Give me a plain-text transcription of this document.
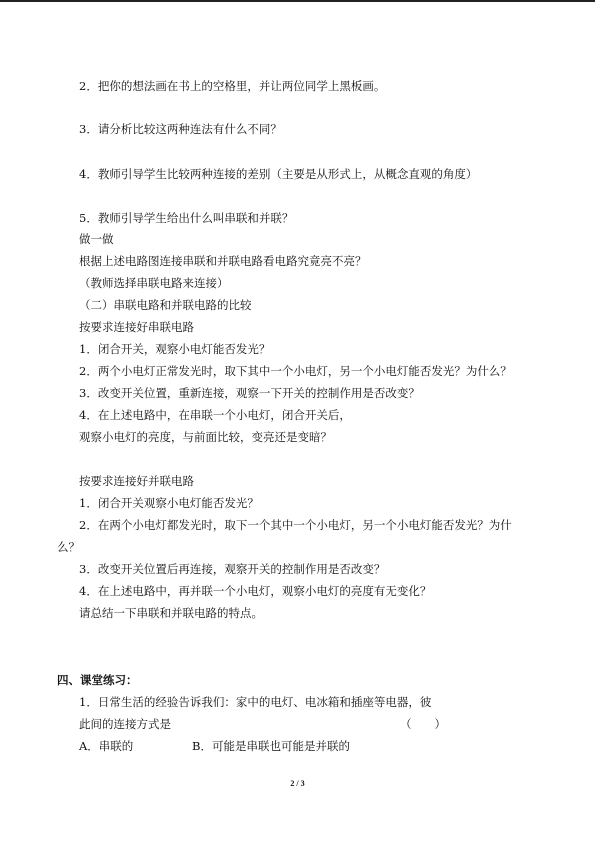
2．把你的想法画在书上的空格里，并让两位同学上黑板画。
3．请分析比较这两种连法有什么不同？
4．教师引导学生比较两种连接的差别（主要是从形式上，从概念直观的角度）
5．教师引导学生给出什么叫串联和并联？
做一做
根据上述电路图连接串联和并联电路看电路究竟亮不亮？
（教师选择串联电路来连接）
（二）串联电路和并联电路的比较
按要求连接好串联电路
1．闭合开关，观察小电灯能否发光？
2．两个小电灯正常发光时，取下其中一个小电灯，另一个小电灯能否发光？为什么？
3．改变开关位置，重新连接，观察一下开关的控制作用是否改变？
4．在上述电路中，在串联一个小电灯，闭合开关后，
观察小电灯的亮度，与前面比较，变亮还是变暗？
按要求连接好并联电路
1．闭合开关观察小电灯能否发光？
2．在两个小电灯都发光时，取下一个其中一个小电灯，另一个小电灯能否发光？为什
么？
3．改变开关位置后再连接，观察开关的控制作用是否改变？
4．在上述电路中，再并联一个小电灯，观察小电灯的亮度有无变化？
请总结一下串联和并联电路的特点。
四、课堂练习：
1．日常生活的经验告诉我们：家中的电灯、电冰箱和插座等电器，彼
此间的连接方式是	（　　）
A．串联的	B．可能是串联也可能是并联的
2 / 3
